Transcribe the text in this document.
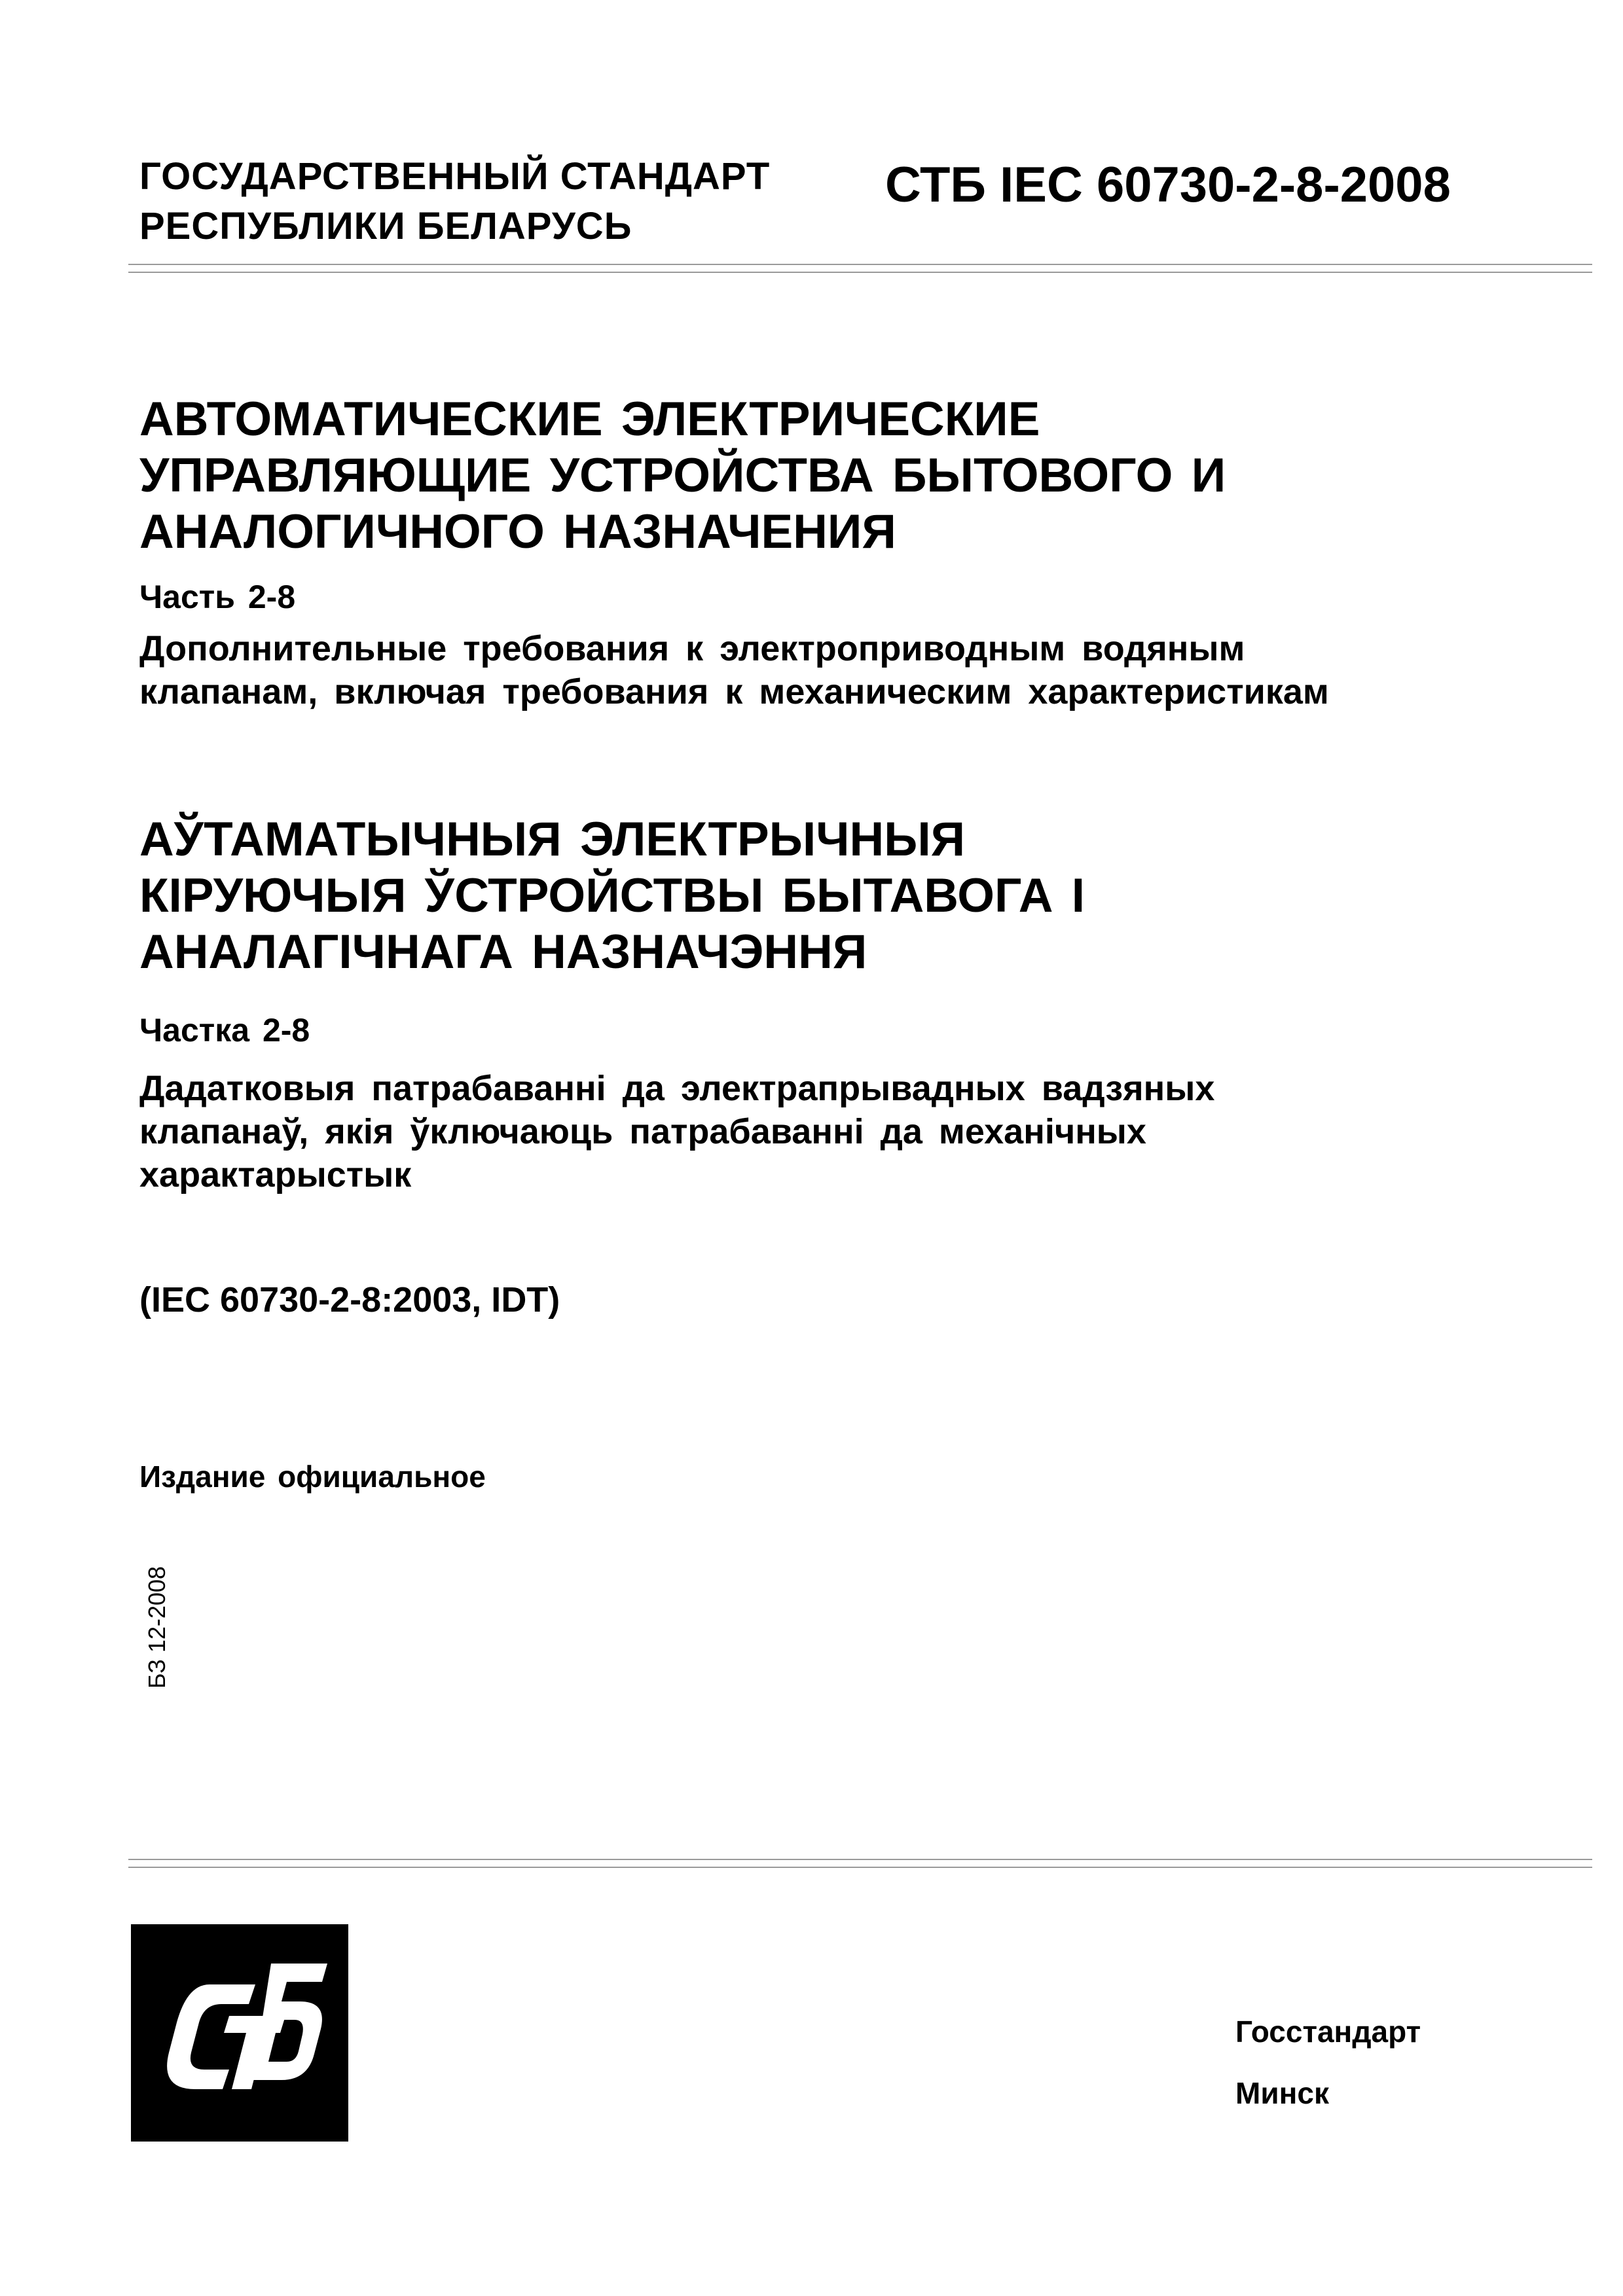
ГОСУДАРСТВЕННЫЙ СТАНДАРТ
РЕСПУБЛИКИ БЕЛАРУСЬ
СТБ IEC 60730-2-8-2008
АВТОМАТИЧЕСКИЕ ЭЛЕКТРИЧЕСКИЕ
УПРАВЛЯЮЩИЕ УСТРОЙСТВА БЫТОВОГО И
АНАЛОГИЧНОГО НАЗНАЧЕНИЯ
Часть 2-8
Дополнительные требования к электроприводным водяным
клапанам, включая требования к механическим характеристикам
АЎТАМАТЫЧНЫЯ ЭЛЕКТРЫЧНЫЯ
КІРУЮЧЫЯ ЎСТРОЙСТВЫ БЫТАВОГА І
АНАЛАГІЧНАГА НАЗНАЧЭННЯ
Частка 2-8
Дадатковыя патрабаванні да электрапрывадных вадзяных
клапанаў, якія ўключаюць патрабаванні да механічных
характарыстык
(IEC 60730-2-8:2003, IDT)
Издание официальное
БЗ 12-2008
Госстандарт
Минск
